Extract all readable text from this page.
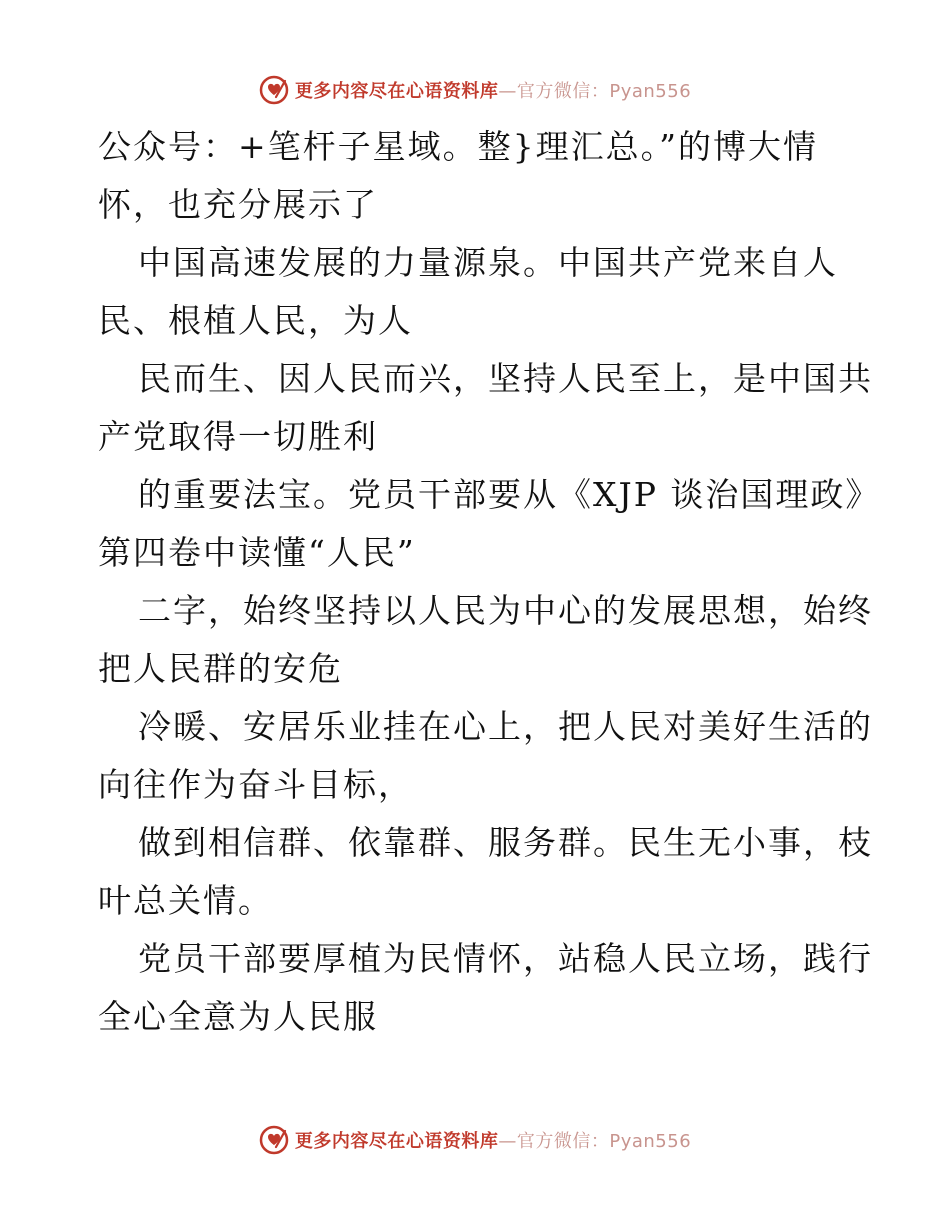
更多内容尽在心语资料库—官方微信：Pyan556
公众号：+笔杆子星域。整}理汇总。”的博大情
怀，也充分展示了
中国高速发展的力量源泉。中国共产党来自人
民、根植人民，为人
民而生、因人民而兴，坚持人民至上，是中国共
产党取得一切胜利
的重要法宝。党员干部要从《XJP 谈治国理政》
第四卷中读懂“人民”
二字，始终坚持以人民为中心的发展思想，始终
把人民群的安危
冷暖、安居乐业挂在心上，把人民对美好生活的
向往作为奋斗目标，
做到相信群、依靠群、服务群。民生无小事，枝
叶总关情。
党员干部要厚植为民情怀，站稳人民立场，践行
全心全意为人民服
更多内容尽在心语资料库—官方微信：Pyan556
